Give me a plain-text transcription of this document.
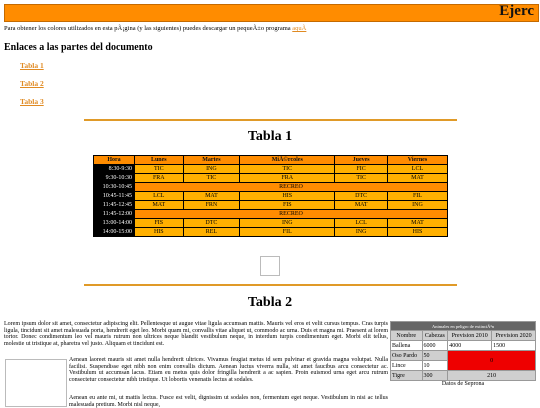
Ejerc
Para obtener los colores utilizados en esta pÃ¡gina (y las siguientes) puedes descargar un pequeÃ±o programa aquÃ
Enlaces a las partes del documento
Tabla 1
Tabla 2
Tabla 3
Tabla 1
Hora	Lunes	Martes	MiÃ©rcoles	Jueves	Viernes
8:30-9:30	TIC	ING	TIC	FIC	LCL
9:30-10:30	FRA	TIC	FRA	TIC	MAT
10:30-10:45	RECREO				
10:45-11:45	LCL	MAT	HIS	DTC	FIL
11:45-12:45	MAT	FRN	FIS	MAT	ING
11:45-12:00	RECREO				
13:00-14:00	FIS	DTC	ING	LCL	MAT
14:00-15:00	HIS	REL	FIL	ING	HIS
Tabla 2

Lorem ipsum dolor sit amet, consectetur adipiscing elit. Pellentesque ut augue vitae ligula accumsan mattis. Mauris vel eros et velit cursus tempus. Cras turpis ligula, tincidunt sit amet malesuada porta, hendrerit eget leo. Morbi quam mi, convallis vitae aliquet ut, commodo ac urna. Duis et magna mi. Praesent at lorem tortor. Donec condimentum leo vel mauris rutrum non ultrices neque blandit vestibulum neque, in interdum turpis condimentum eget. Morbi elit tellus, molestie ut tristique at, pharetra vel justo. Aliquam et tincidunt est.

Aenean laoreet mauris sit amet nulla hendrerit ultrices. Vivamus feugiat metus id sem pulvinar et gravida magna volutpat. Nulla facilisi. Suspendisse eget nibh non enim convallis dictum. Aenean luctus viverra nulla, sit amet faucibus arcu consectetur ac. Vestibulum ut accumsan lacus. Etiam eu metus quis dolor fringilla hendrerit a ac sapien. Proin euismod urna eget arcu rutrum consectetur consectetur nibh tristique. Ut lobortis venenatis lectus at sodales.

Aenean eu ante mi, ut mattis lectus. Fusce est velit, dignissim ut sodales non, fermentum eget neque. Vestibulum in nisi ac tellus malesuada pretium. Morbi nisl neque,

Animales en peligro de extinciÃ³n			
Nombre	Cabezas	Prevision 2010	Prevision 2020
Ballena	6000	4000	1500
Oso Pardo	50	0	
Lince	10		
Tigre	300	210	
Datos de Seprona
